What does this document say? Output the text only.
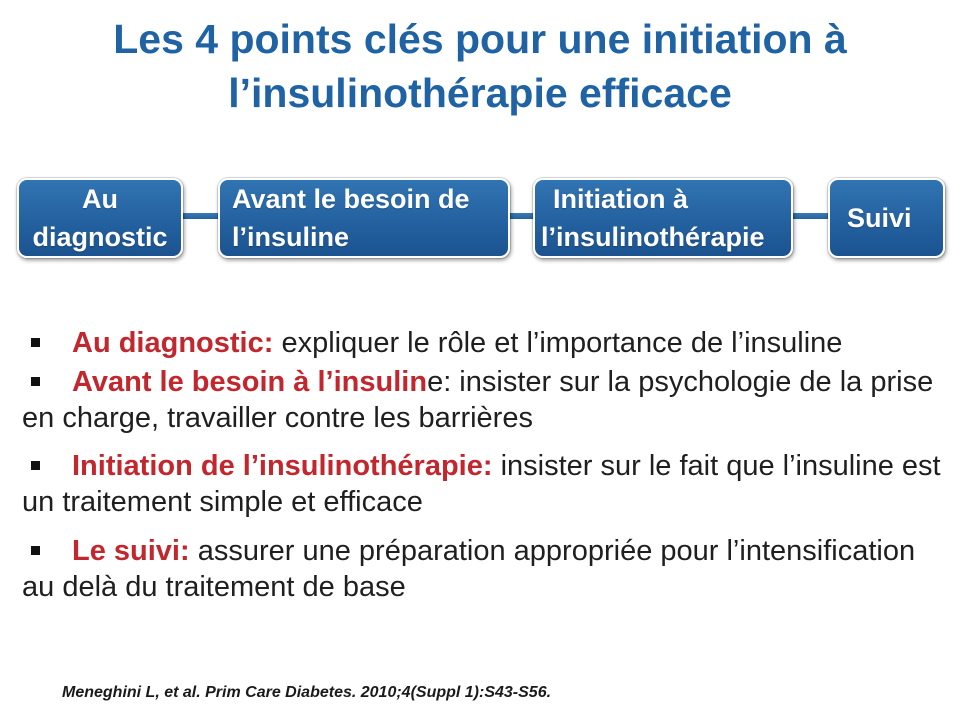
Les 4 points clés pour une initiation à
l’insulinothérapie efficace
Au
diagnostic
Avant le besoin de
l’insuline
Initiation à
l’insulinothérapie
Suivi
Au diagnostic: expliquer le rôle et l’importance de l’insuline
Avant le besoin à l’insuline: insister sur la psychologie de la prise
en charge, travailler contre les barrières
Initiation de l’insulinothérapie: insister sur le fait que l’insuline est
un traitement simple et efficace
Le suivi: assurer une préparation appropriée pour l’intensification
au delà du traitement de base
Meneghini L, et al. Prim Care Diabetes. 2010;4(Suppl 1):S43-S56.
